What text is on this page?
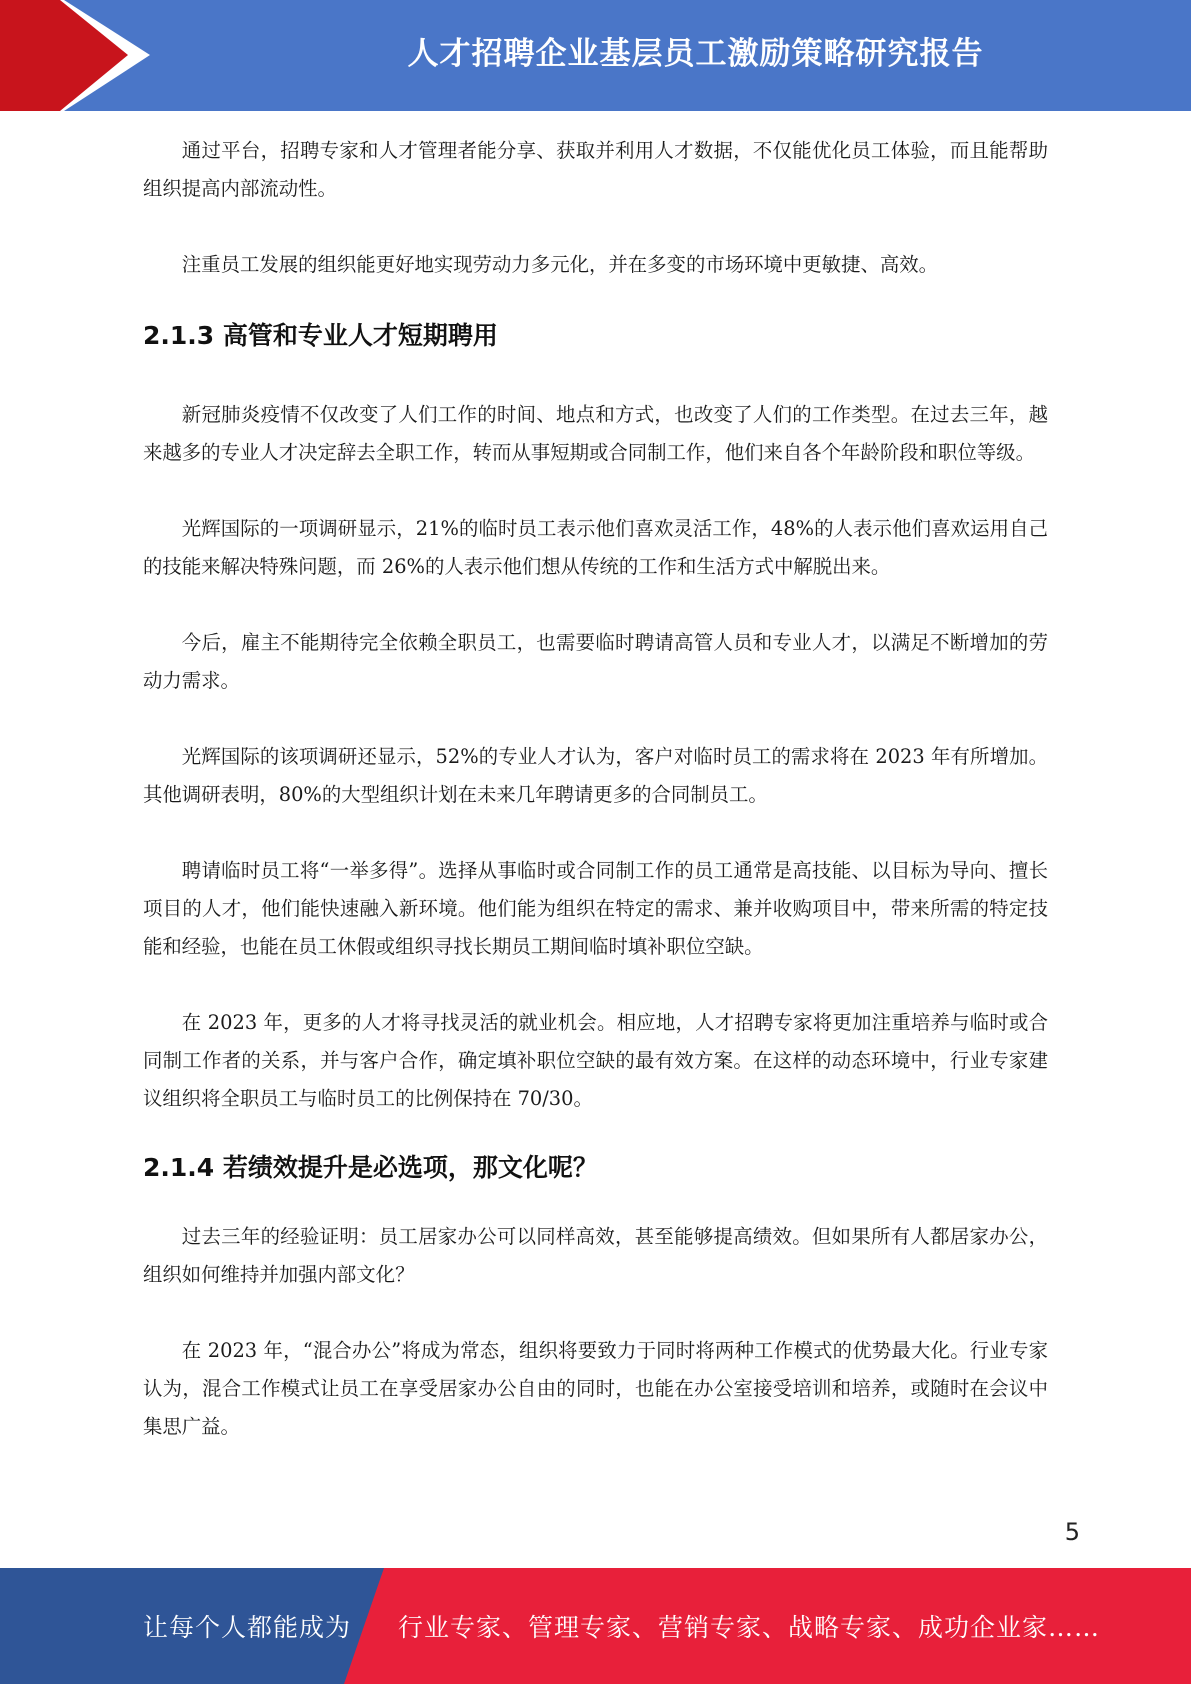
人才招聘企业基层员工激励策略研究报告

通过平台，招聘专家和人才管理者能分享、获取并利用人才数据，不仅能优化员工体验，而且能帮助组织提高内部流动性。

注重员工发展的组织能更好地实现劳动力多元化，并在多变的市场环境中更敏捷、高效。

2.1.3 高管和专业人才短期聘用

新冠肺炎疫情不仅改变了人们工作的时间、地点和方式，也改变了人们的工作类型。在过去三年，越来越多的专业人才决定辞去全职工作，转而从事短期或合同制工作，他们来自各个年龄阶段和职位等级。

光辉国际的一项调研显示，21%的临时员工表示他们喜欢灵活工作，48%的人表示他们喜欢运用自己的技能来解决特殊问题，而 26%的人表示他们想从传统的工作和生活方式中解脱出来。

今后，雇主不能期待完全依赖全职员工，也需要临时聘请高管人员和专业人才，以满足不断增加的劳动力需求。

光辉国际的该项调研还显示，52%的专业人才认为，客户对临时员工的需求将在 2023 年有所增加。其他调研表明，80%的大型组织计划在未来几年聘请更多的合同制员工。

聘请临时员工将“一举多得”。选择从事临时或合同制工作的员工通常是高技能、以目标为导向、擅长项目的人才，他们能快速融入新环境。他们能为组织在特定的需求、兼并收购项目中，带来所需的特定技能和经验，也能在员工休假或组织寻找长期员工期间临时填补职位空缺。

在 2023 年，更多的人才将寻找灵活的就业机会。相应地，人才招聘专家将更加注重培养与临时或合同制工作者的关系，并与客户合作，确定填补职位空缺的最有效方案。在这样的动态环境中，行业专家建议组织将全职员工与临时员工的比例保持在 70/30。

2.1.4 若绩效提升是必选项，那文化呢？

过去三年的经验证明：员工居家办公可以同样高效，甚至能够提高绩效。但如果所有人都居家办公，组织如何维持并加强内部文化？

在 2023 年，“混合办公”将成为常态，组织将要致力于同时将两种工作模式的优势最大化。行业专家认为，混合工作模式让员工在享受居家办公自由的同时，也能在办公室接受培训和培养，或随时在会议中集思广益。

5
让每个人都能成为 行业专家、管理专家、营销专家、战略专家、成功企业家……
